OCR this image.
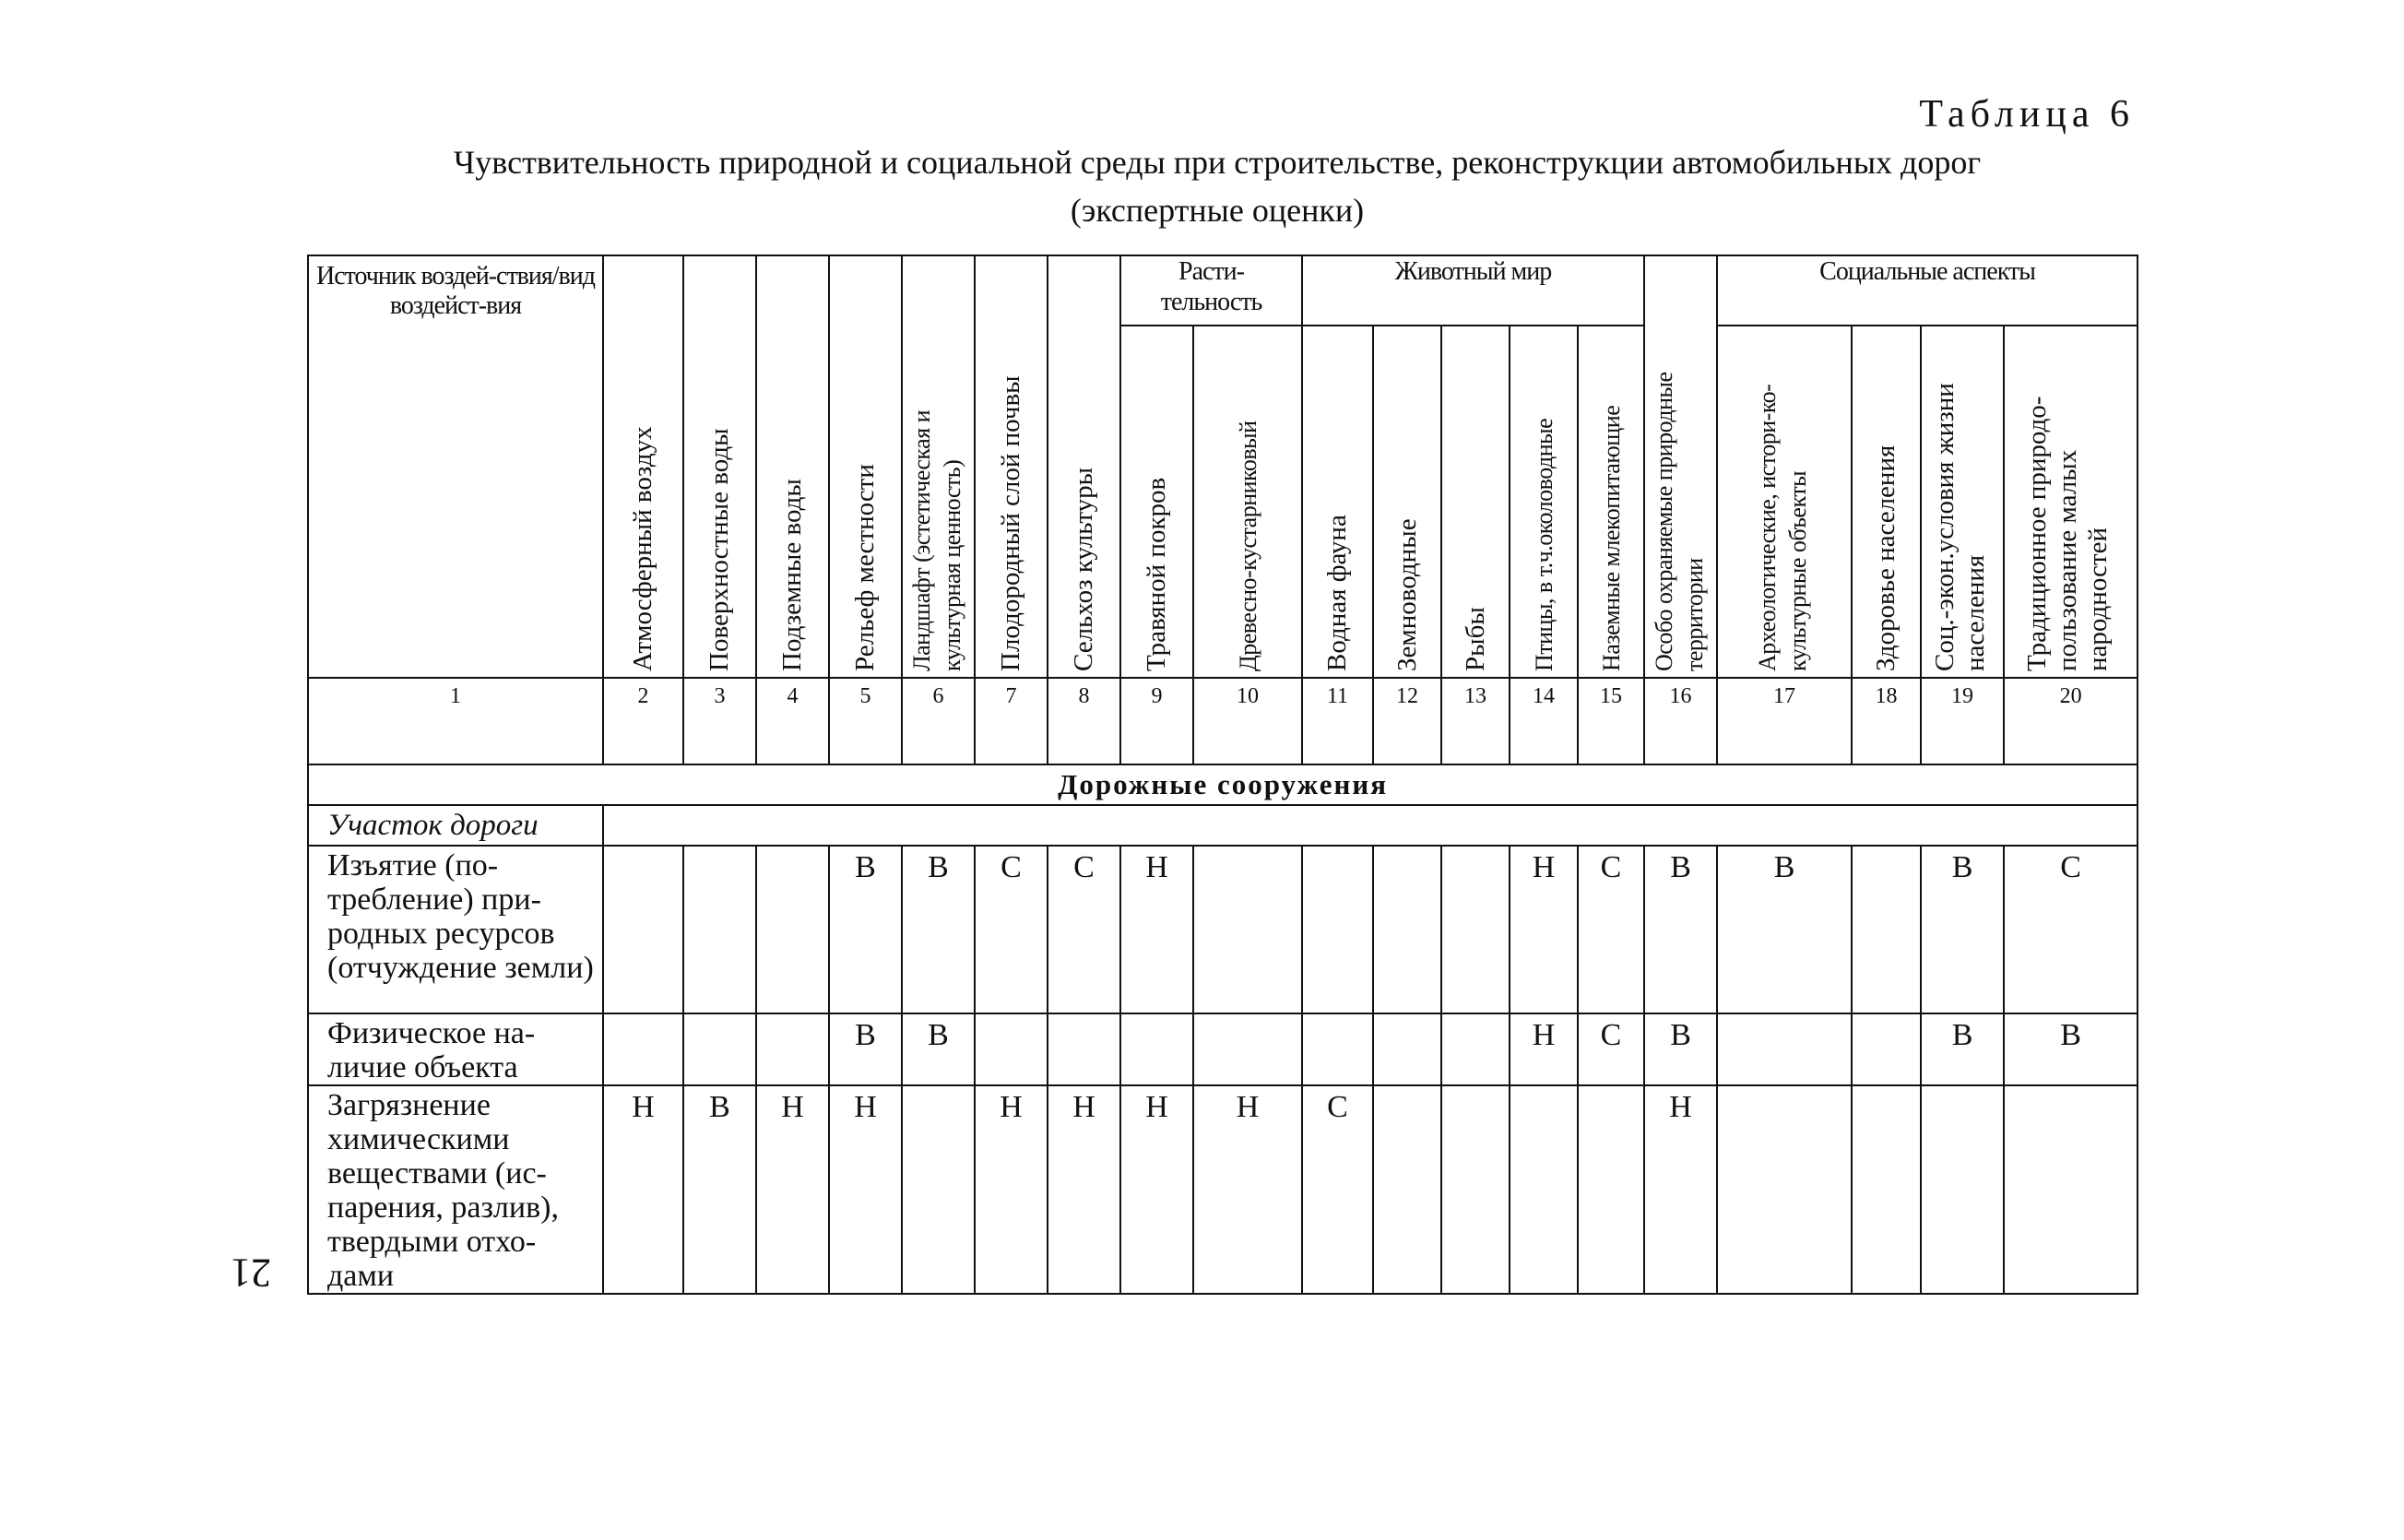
Таблица 6
Чувствительность природной и социальной среды при строительстве, реконструкции автомобильных дорог
(экспертные оценки)
Источник воздей-ствия/вид воздейст-вия	Атмосферный воздух	Поверхностные воды	Подземные воды	Рельеф местности	Ландшафт (эстетическая и культурная ценность)	Плодородный слой почвы	Сельхоз культуры	Расти-тельность		Животный мир					Особо охраняемые природные территории	Социальные аспекты			

								Травяной покров	Древесно-кустарниковый	Водная фауна	Земноводные	Рыбы	Птицы, в т.ч.околоводные	Наземные млекопитающие		Археологические, истори-ко-культурные объекты	Здоровье населения	Соц.-экон.условия жизни населения	Традиционное природо-пользование малых народностей

1	2	3	4	5	6	7	8	9	10	11	12	13	14	15	16	17	18	19	20
Дорожные сооружения																			
Участок дороги																			
Изъятие (по-требление) при-родных ресурсов (отчуждение земли)				В	В	С	С	Н					Н	С	В	В		В	С
Физическое на-личие объекта				В	В								Н	С	В			В	В
Загрязнение химическими веществами (ис-парения, разлив), твердыми отхо-дами	Н	В	Н	Н		Н	Н	Н	Н	С					Н				
21
